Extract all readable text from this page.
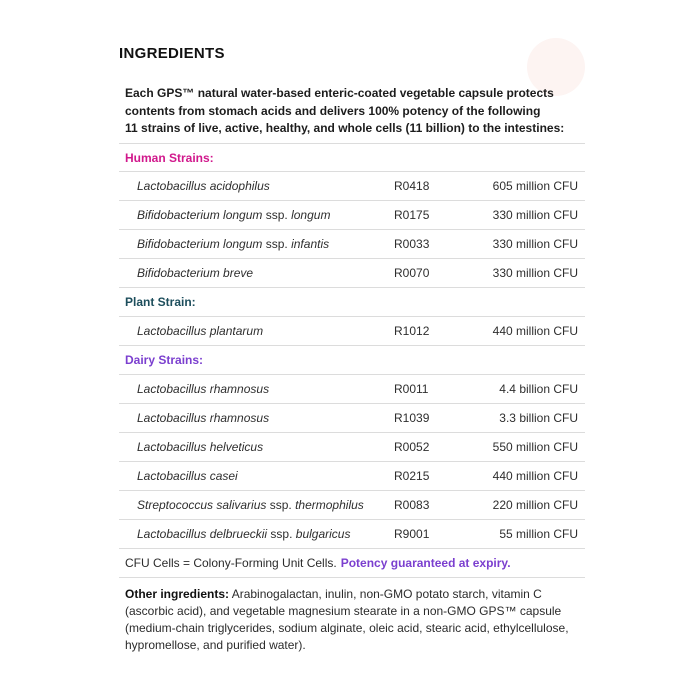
INGREDIENTS
Each GPS™ natural water-based enteric-coated vegetable capsule protects
contents from stomach acids and delivers 100% potency of the following
11 strains of live, active, healthy, and whole cells (11 billion) to the intestines:
Human Strains:
Lactobacillus acidophilus	R0418	605 million CFU
Bifidobacterium longum ssp. longum	R0175	330 million CFU
Bifidobacterium longum ssp. infantis	R0033	330 million CFU
Bifidobacterium breve	R0070	330 million CFU
Plant Strain:
Lactobacillus plantarum	R1012	440 million CFU
Dairy Strains:
Lactobacillus rhamnosus	R0011	4.4 billion CFU
Lactobacillus rhamnosus	R1039	3.3 billion CFU
Lactobacillus helveticus	R0052	550 million CFU
Lactobacillus casei	R0215	440 million CFU
Streptococcus salivarius ssp. thermophilus	R0083	220 million CFU
Lactobacillus delbrueckii ssp. bulgaricus	R9001	55 million CFU
CFU Cells = Colony-Forming Unit Cells. Potency guaranteed at expiry.
Other ingredients: Arabinogalactan, inulin, non-GMO potato starch, vitamin C (ascorbic acid), and vegetable magnesium stearate in a non-GMO GPS™ capsule (medium-chain triglycerides, sodium alginate, oleic acid, stearic acid, ethylcellulose, hypromellose, and purified water).
